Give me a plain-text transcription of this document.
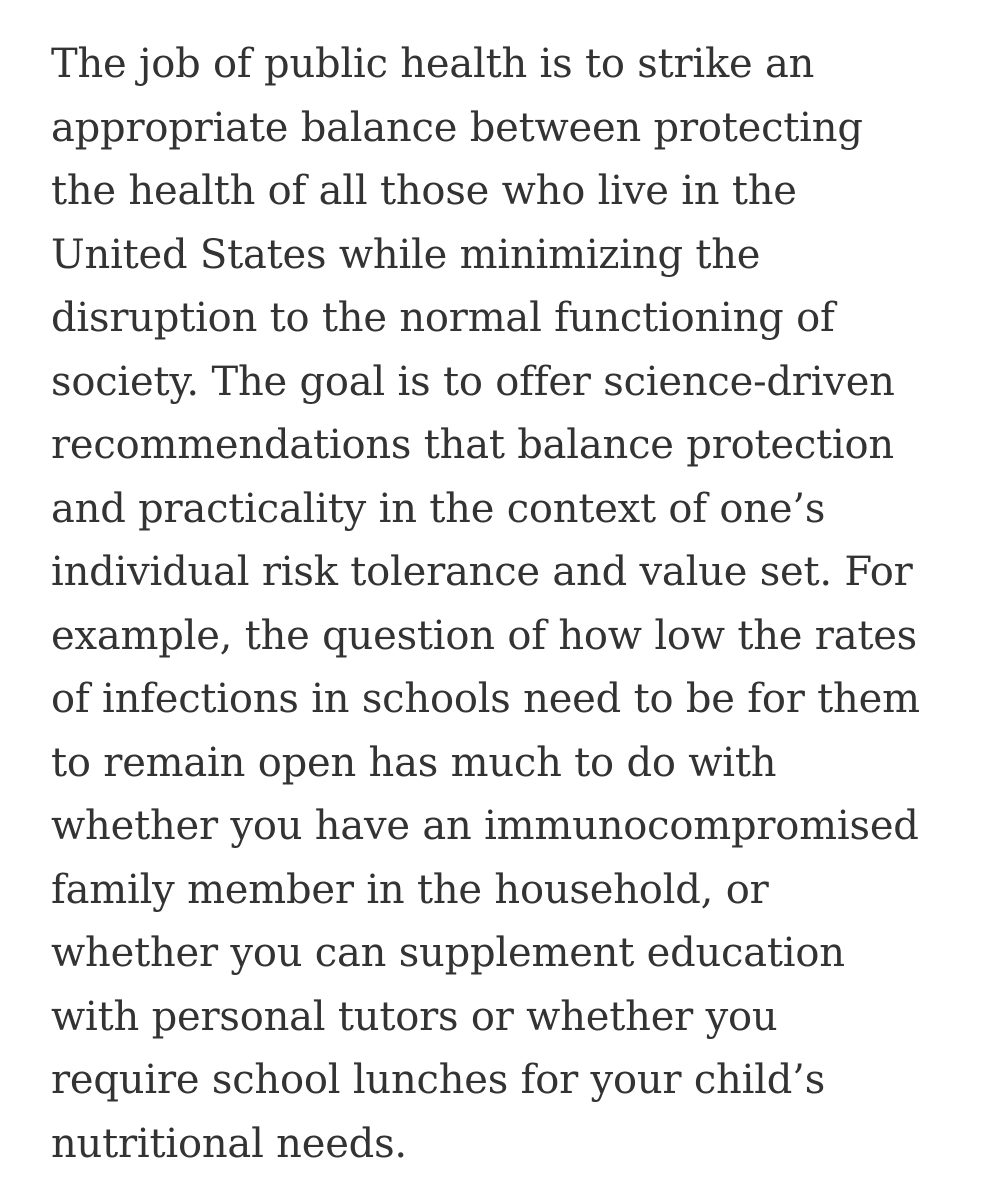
The job of public health is to strike an
appropriate balance between protecting
the health of all those who live in the
United States while minimizing the
disruption to the normal functioning of
society. The goal is to offer science-driven
recommendations that balance protection
and practicality in the context of one’s
individual risk tolerance and value set. For
example, the question of how low the rates
of infections in schools need to be for them
to remain open has much to do with
whether you have an immunocompromised
family member in the household, or
whether you can supplement education
with personal tutors or whether you
require school lunches for your child’s
nutritional needs.
